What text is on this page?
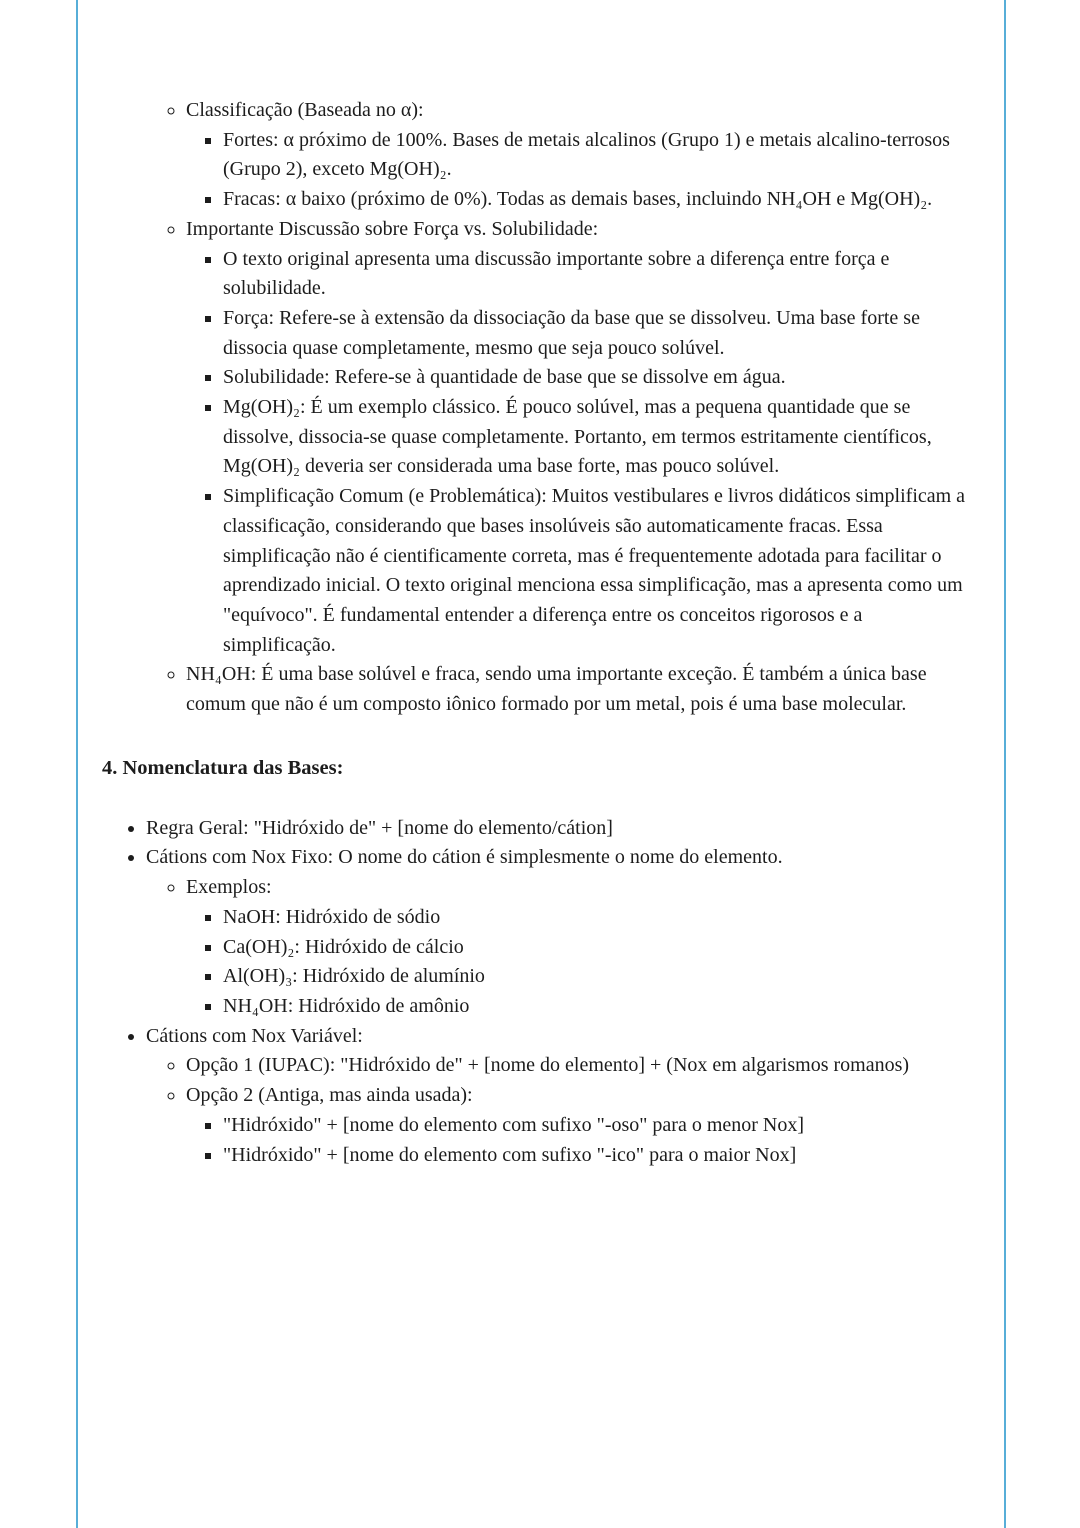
◦ Classificação (Baseada no α):
▪ Fortes: α próximo de 100%. Bases de metais alcalinos (Grupo 1) e metais alcalino-terrosos (Grupo 2), exceto Mg(OH)₂.
▪ Fracas: α baixo (próximo de 0%). Todas as demais bases, incluindo NH₄OH e Mg(OH)₂.
◦ Importante Discussão sobre Força vs. Solubilidade:
▪ O texto original apresenta uma discussão importante sobre a diferença entre força e solubilidade.
▪ Força: Refere-se à extensão da dissociação da base que se dissolveu. Uma base forte se dissocia quase completamente, mesmo que seja pouco solúvel.
▪ Solubilidade: Refere-se à quantidade de base que se dissolve em água.
▪ Mg(OH)₂: É um exemplo clássico. É pouco solúvel, mas a pequena quantidade que se dissolve, dissocia-se quase completamente. Portanto, em termos estritamente científicos, Mg(OH)₂ deveria ser considerada uma base forte, mas pouco solúvel.
▪ Simplificação Comum (e Problemática): Muitos vestibulares e livros didáticos simplificam a classificação, considerando que bases insolúveis são automaticamente fracas. Essa simplificação não é cientificamente correta, mas é frequentemente adotada para facilitar o aprendizado inicial. O texto original menciona essa simplificação, mas a apresenta como um "equívoco". É fundamental entender a diferença entre os conceitos rigorosos e a simplificação.
◦ NH₄OH: É uma base solúvel e fraca, sendo uma importante exceção. É também a única base comum que não é um composto iônico formado por um metal, pois é uma base molecular.
4. Nomenclatura das Bases:
• Regra Geral: "Hidróxido de" + [nome do elemento/cátion]
• Cátions com Nox Fixo: O nome do cátion é simplesmente o nome do elemento.
◦ Exemplos:
▪ NaOH: Hidróxido de sódio
▪ Ca(OH)₂: Hidróxido de cálcio
▪ Al(OH)₃: Hidróxido de alumínio
▪ NH₄OH: Hidróxido de amônio
• Cátions com Nox Variável:
◦ Opção 1 (IUPAC): "Hidróxido de" + [nome do elemento] + (Nox em algarismos romanos)
◦ Opção 2 (Antiga, mas ainda usada):
▪ "Hidróxido" + [nome do elemento com sufixo "-oso" para o menor Nox]
▪ "Hidróxido" + [nome do elemento com sufixo "-ico" para o maior Nox]
